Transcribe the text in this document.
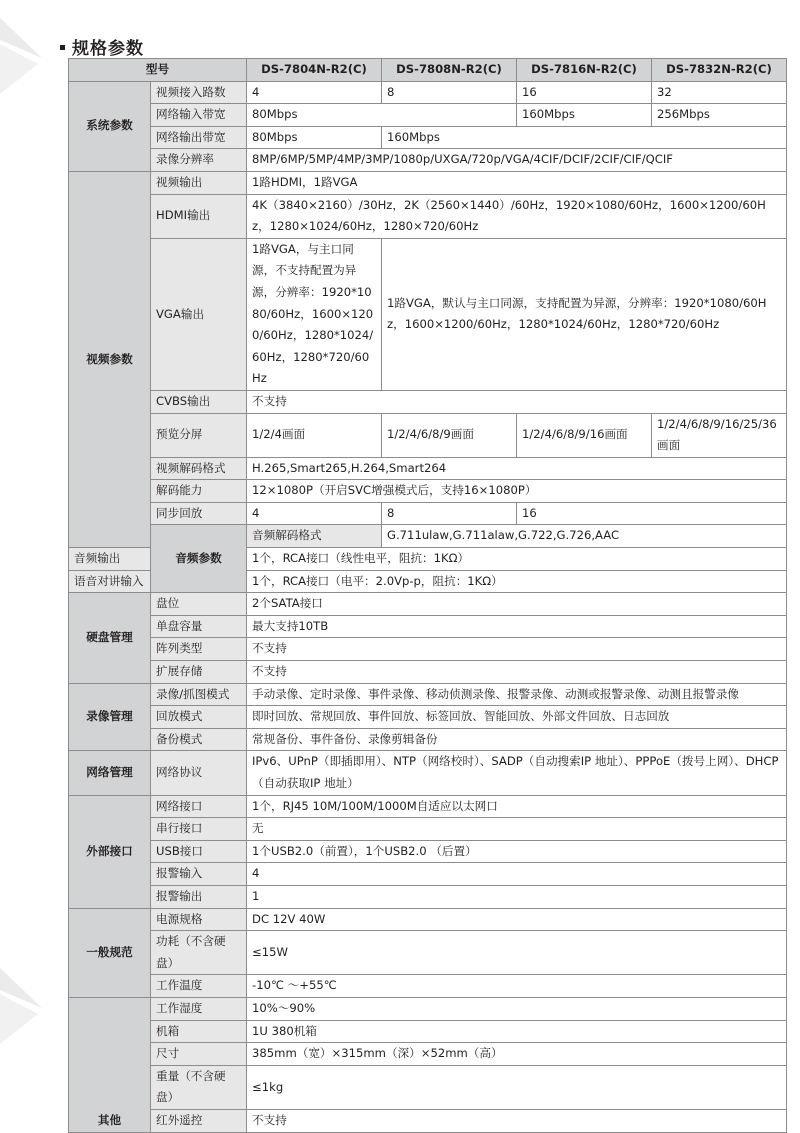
规格参数
型号		DS-7804N-R2(C)	DS-7808N-R2(C)	DS-7816N-R2(C)	DS-7832N-R2(C)
系统参数	视频接入路数	4	8	16	32
	网络输入带宽	80Mbps		160Mbps	256Mbps
	网络输出带宽	80Mbps	160Mbps		
	录像分辨率	8MP/6MP/5MP/4MP/3MP/1080p/UXGA/720p/VGA/4CIF/DCIF/2CIF/CIF/QCIF			
视频参数	视频输出	1路HDMI，1路VGA			
	HDMI输出	4K（3840×2160）/30Hz，2K（2560×1440）/60Hz，1920×1080/60Hz，1600×1200/60Hz，1280×1024/60Hz，1280×720/60Hz			
	VGA输出	1路VGA，与主口同源，不支持配置为异源，分辨率：1920*1080/60Hz，1600×1200/60Hz，1280*1024/60Hz，1280*720/60Hz	1路VGA，默认与主口同源，支持配置为异源，分辨率：1920*1080/60Hz，1600×1200/60Hz，1280*1024/60Hz，1280*720/60Hz		
	CVBS输出	不支持			
	预览分屏	1/2/4画面	1/2/4/6/8/9画面	1/2/4/6/8/9/16画面	1/2/4/6/8/9/16/25/36画面
	视频解码格式	H.265,Smart265,H.264,Smart264			
	解码能力	12×1080P（开启SVC增强模式后，支持16×1080P）			
	同步回放	4	8	16	
	音频参数	音频解码格式	G.711ulaw,G.711alaw,G.722,G.726,AAC		
音频输出		1个，RCA接口（线性电平，阻抗：1KΩ）			
语音对讲输入		1个，RCA接口（电平：2.0Vp-p，阻抗：1KΩ）			
硬盘管理	盘位	2个SATA接口			
	单盘容量	最大支持10TB			
	阵列类型	不支持			
	扩展存储	不支持			
录像管理	录像/抓图模式	手动录像、定时录像、事件录像、移动侦测录像、报警录像、动测或报警录像、动测且报警录像			
	回放模式	即时回放、常规回放、事件回放、标签回放、智能回放、外部文件回放、日志回放			
	备份模式	常规备份、事件备份、录像剪辑备份			
网络管理	网络协议	IPv6、UPnP（即插即用）、NTP（网络校时）、SADP（自动搜索IP 地址）、PPPoE（拨号上网）、DHCP（自动获取IP 地址）			
外部接口	网络接口	1个，RJ45 10M/100M/1000M自适应以太网口			
	串行接口	无			
	USB接口	1个USB2.0（前置），1个USB2.0 （后置）			
	报警输入	4			
	报警输出	1			
一般规范	电源规格	DC 12V 40W			
	功耗（不含硬盘）	≤15W			
	工作温度	-10℃ ～+55℃			
其他	工作湿度	10%～90%			
	机箱	1U 380机箱			
	尺寸	385mm（宽）×315mm（深）×52mm（高）			
	重量（不含硬盘）	≤1kg			
	红外遥控	不支持			
